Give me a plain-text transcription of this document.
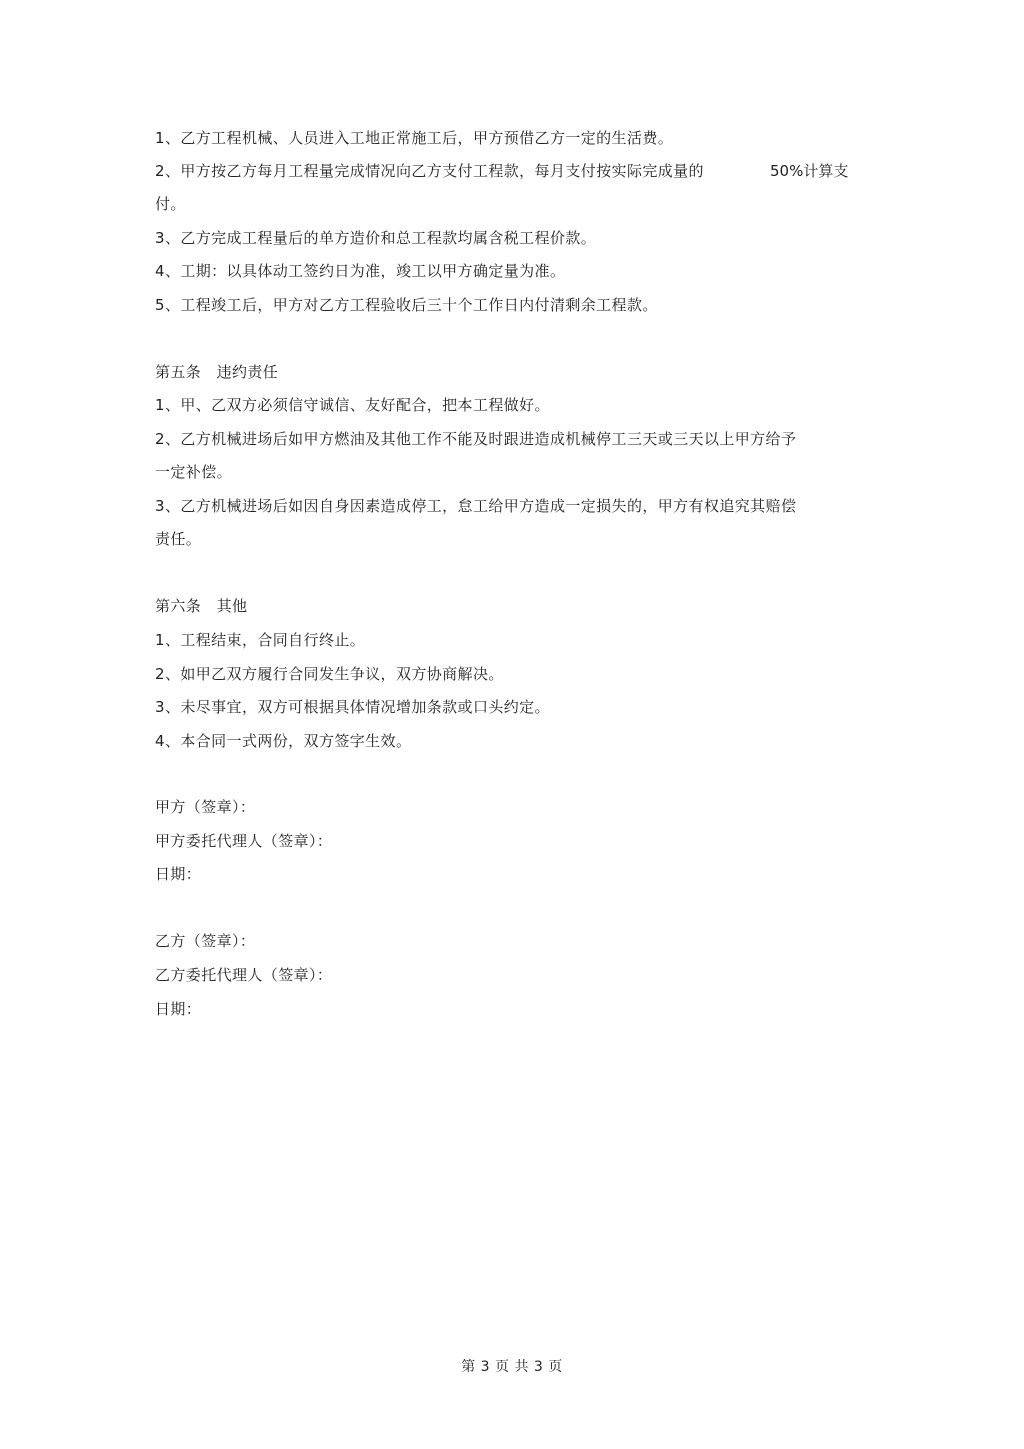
1、乙方工程机械、人员进入工地正常施工后，甲方预借乙方一定的生活费。
2、甲方按乙方每月工程量完成情况向乙方支付工程款，每月支付按实际完成量的	50%计算支
付。
3、乙方完成工程量后的单方造价和总工程款均属含税工程价款。
4、工期：以具体动工签约日为准，竣工以甲方确定量为准。
5、工程竣工后，甲方对乙方工程验收后三十个工作日内付清剩余工程款。
第五条　违约责任
1、甲、乙双方必须信守诚信、友好配合，把本工程做好。
2、乙方机械进场后如甲方燃油及其他工作不能及时跟进造成机械停工三天或三天以上甲方给予
一定补偿。
3、乙方机械进场后如因自身因素造成停工，怠工给甲方造成一定损失的，甲方有权追究其赔偿
责任。
第六条　其他
1、工程结束，合同自行终止。
2、如甲乙双方履行合同发生争议，双方协商解决。
3、未尽事宜，双方可根据具体情况增加条款或口头约定。
4、本合同一式两份，双方签字生效。
甲方（签章）：
甲方委托代理人（签章）：
日期：
乙方（签章）：
乙方委托代理人（签章）：
日期：
第 3 页 共 3 页
